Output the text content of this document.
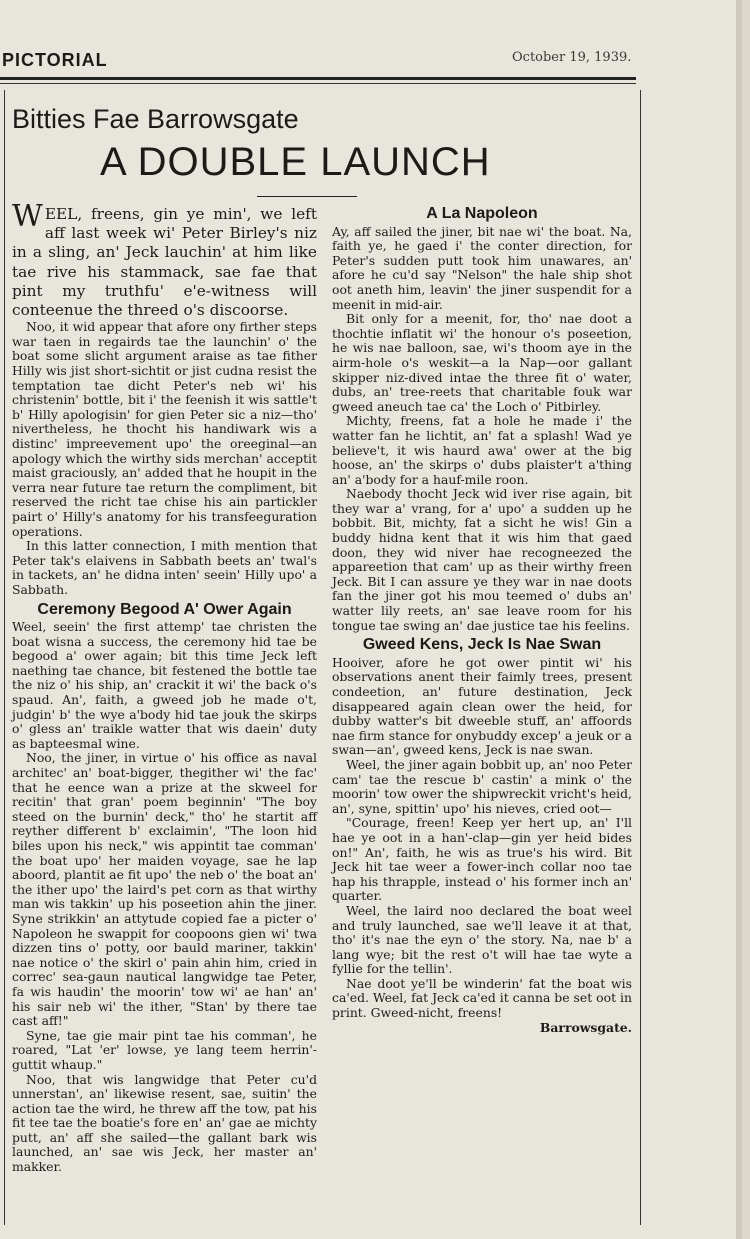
PICTORIAL	October 19, 1939.
Bitties Fae Barrowsgate
A DOUBLE LAUNCH

WEEL, freens, gin ye min', we left aff last week wi' Peter Birley's niz in a sling, an' Jeck lauchin' at him like tae rive his stammack, sae fae that pint my truthfu' e'e-witness will conteenue the threed o's discoorse.

Noo, it wid appear that afore ony firther steps war taen in regairds tae the launchin' o' the boat some slicht argument araise as tae fither Hilly wis jist short-sichtit or jist cudna resist the temptation tae dicht Peter's neb wi' his christenin' bottle, bit i' the feenish it wis sattle't b' Hilly apologisin' for gien Peter sic a niz—tho' nivertheless, he thocht his handiwark wis a distinc' impreevement upo' the oreeginal—an apology which the wirthy sids merchan' acceptit maist graciously, an' added that he houpit in the verra near future tae return the compliment, bit reserved the richt tae chise his ain partickler pairt o' Hilly's anatomy for his transfeeguration operations.

In this latter connection, I mith mention that Peter tak's elaivens in Sabbath beets an' twal's in tackets, an' he didna inten' seein' Hilly upo' a Sabbath.

Ceremony Begood A' Ower Again

Weel, seein' the first attemp' tae christen the boat wisna a success, the ceremony hid tae be begood a' ower again; bit this time Jeck left naething tae chance, bit festened the bottle tae the niz o' his ship, an' crackit it wi' the back o's spaud. An', faith, a gweed job he made o't, judgin' b' the wye a'body hid tae jouk the skirps o' gless an' traikle watter that wis daein' duty as bapteesmal wine.

Noo, the jiner, in virtue o' his office as naval architec' an' boat-bigger, thegither wi' the fac' that he eence wan a prize at the skweel for recitin' that gran' poem beginnin' "The boy steed on the burnin' deck," tho' he startit aff reyther different b' exclaimin', "The loon hid biles upon his neck," wis appintit tae comman' the boat upo' her maiden voyage, sae he lap aboord, plantit ae fit upo' the neb o' the boat an' the ither upo' the laird's pet corn as that wirthy man wis takkin' up his poseetion ahin the jiner. Syne strikkin' an attytude copied fae a picter o' Napoleon he swappit for coopoons gien wi' twa dizzen tins o' potty, oor bauld mariner, takkin' nae notice o' the skirl o' pain ahin him, cried in correc' sea-gaun nautical langwidge tae Peter, fa wis haudin' the moorin' tow wi' ae han' an' his sair neb wi' the ither, "Stan' by there tae cast aff!"

Syne, tae gie mair pint tae his comman', he roared, "Lat 'er' lowse, ye lang teem herrin'-guttit whaup."

Noo, that wis langwidge that Peter cu'd unnerstan', an' likewise resent, sae, suitin' the action tae the wird, he threw aff the tow, pat his fit tee tae the boatie's fore en' an' gae ae michty putt, an' aff she sailed—the gallant bark wis launched, an' sae wis Jeck, her master an' makker.

A La Napoleon

Ay, aff sailed the jiner, bit nae wi' the boat. Na, faith ye, he gaed i' the conter direction, for Peter's sudden putt took him unawares, an' afore he cu'd say "Nelson" the hale ship shot oot aneth him, leavin' the jiner suspendit for a meenit in mid-air.

Bit only for a meenit, for, tho' nae doot a thochtie inflatit wi' the honour o's poseetion, he wis nae balloon, sae, wi's thoom aye in the airm-hole o's weskit—a la Nap—oor gallant skipper niz-dived intae the three fit o' water, dubs, an' tree-reets that charitable fouk war gweed aneuch tae ca' the Loch o' Pitbirley.

Michty, freens, fat a hole he made i' the watter fan he lichtit, an' fat a splash! Wad ye believe't, it wis haurd awa' ower at the big hoose, an' the skirps o' dubs plaister't a'thing an' a'body for a hauf-mile roon.

Naebody thocht Jeck wid iver rise again, bit they war a' vrang, for a' upo' a sudden up he bobbit. Bit, michty, fat a sicht he wis! Gin a buddy hidna kent that it wis him that gaed doon, they wid niver hae recogneezed the appareetion that cam' up as their wirthy freen Jeck. Bit I can assure ye they war in nae doots fan the jiner got his mou teemed o' dubs an' watter lily reets, an' sae leave room for his tongue tae swing an' dae justice tae his feelins.

Gweed Kens, Jeck Is Nae Swan

Hooiver, afore he got ower pintit wi' his observations anent their faimly trees, present condeetion, an' future destination, Jeck disappeared again clean ower the heid, for dubby watter's bit dweeble stuff, an' affoords nae firm stance for onybuddy excep' a jeuk or a swan—an', gweed kens, Jeck is nae swan.

Weel, the jiner again bobbit up, an' noo Peter cam' tae the rescue b' castin' a mink o' the moorin' tow ower the shipwreckit vricht's heid, an', syne, spittin' upo' his nieves, cried oot—

"Courage, freen! Keep yer hert up, an' I'll hae ye oot in a han'-clap—gin yer heid bides on!" An', faith, he wis as true's his wird. Bit Jeck hit tae weer a fower-inch collar noo tae hap his thrapple, instead o' his former inch an' quarter.

Weel, the laird noo declared the boat weel and truly launched, sae we'll leave it at that, tho' it's nae the eyn o' the story. Na, nae b' a lang wye; bit the rest o't will hae tae wyte a fyllie for the tellin'.

Nae doot ye'll be winderin' fat the boat wis ca'ed. Weel, fat Jeck ca'ed it canna be set oot in print. Gweed-nicht, freens!

Barrowsgate.
